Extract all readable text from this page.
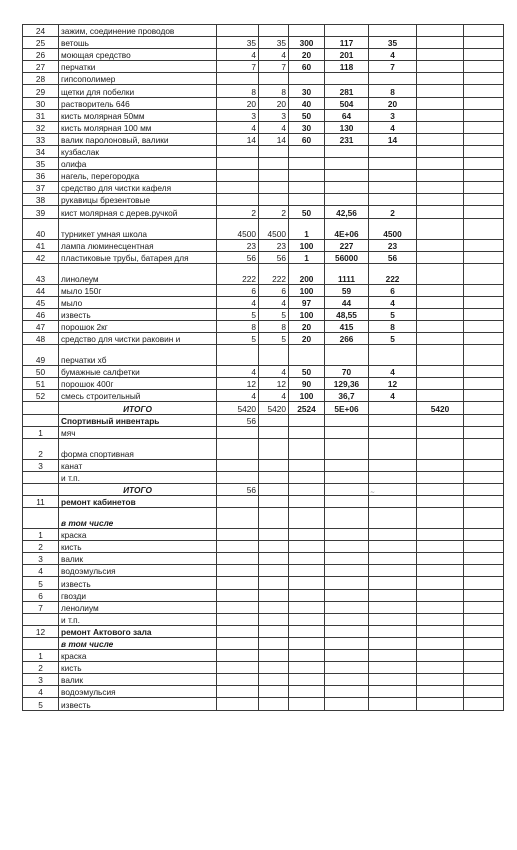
24	зажим, соединение проводов							
25	ветошь	35	35	300	117	35		
26	моющая средство	4	4	20	201	4		
27	перчатки	7	7	60	118	7		
28	гипсополимер							
29	щетки для побелки	8	8	30	281	8		
30	растворитель 646	20	20	40	504	20		
31	кисть молярная 50мм	3	3	50	64	3		
32	кисть молярная 100 мм	4	4	30	130	4		
33	валик паролоновый, валики	14	14	60	231	14		
34	кузбаслак							
35	олифа							
36	нагель, перегородка							
37	средство для чистки кафеля							
38	рукавицы брезентовые							
39	кист молярная с дерев.ручкой	2	2	50	42,56	2		
40	турникет умная школа	4500	4500	1	4E+06	4500		
41	лампа люминесцентная	23	23	100	227	23		
42	пластиковые трубы, батарея для	56	56	1	56000	56		
43	линолеум	222	222	200	1111	222		
44	мыло 150г	6	6	100	59	6		
45	мыло	4	4	97	44	4		
46	известь	5	5	100	48,55	5		
47	порошок 2кг	8	8	20	415	8		
48	средство для чистки раковин и	5	5	20	266	5		
49	перчатки хб							
50	бумажные салфетки	4	4	50	70	4		
51	порошок 400г	12	12	90	129,36	12		
52	смесь строительный	4	4	100	36,7	4		
	ИТОГО	5420	5420	2524	5E+06		5420	
	Спортивный инвентарь	56						
1	мяч							
2	форма спортивная							
3	канат							
	и т.п.							
	ИТОГО	56						
11	ремонт кабинетов							
	в том числе							
1	краска							
2	кисть							
3	валик							
4	водоэмульсия							
5	известь							
6	гвозди							
7	ленолиум							
	и т.п.							
12	ремонт Актового зала							
	в том числе							
1	краска							
2	кисть							
3	валик							
4	водоэмульсия							
5	известь							
~
